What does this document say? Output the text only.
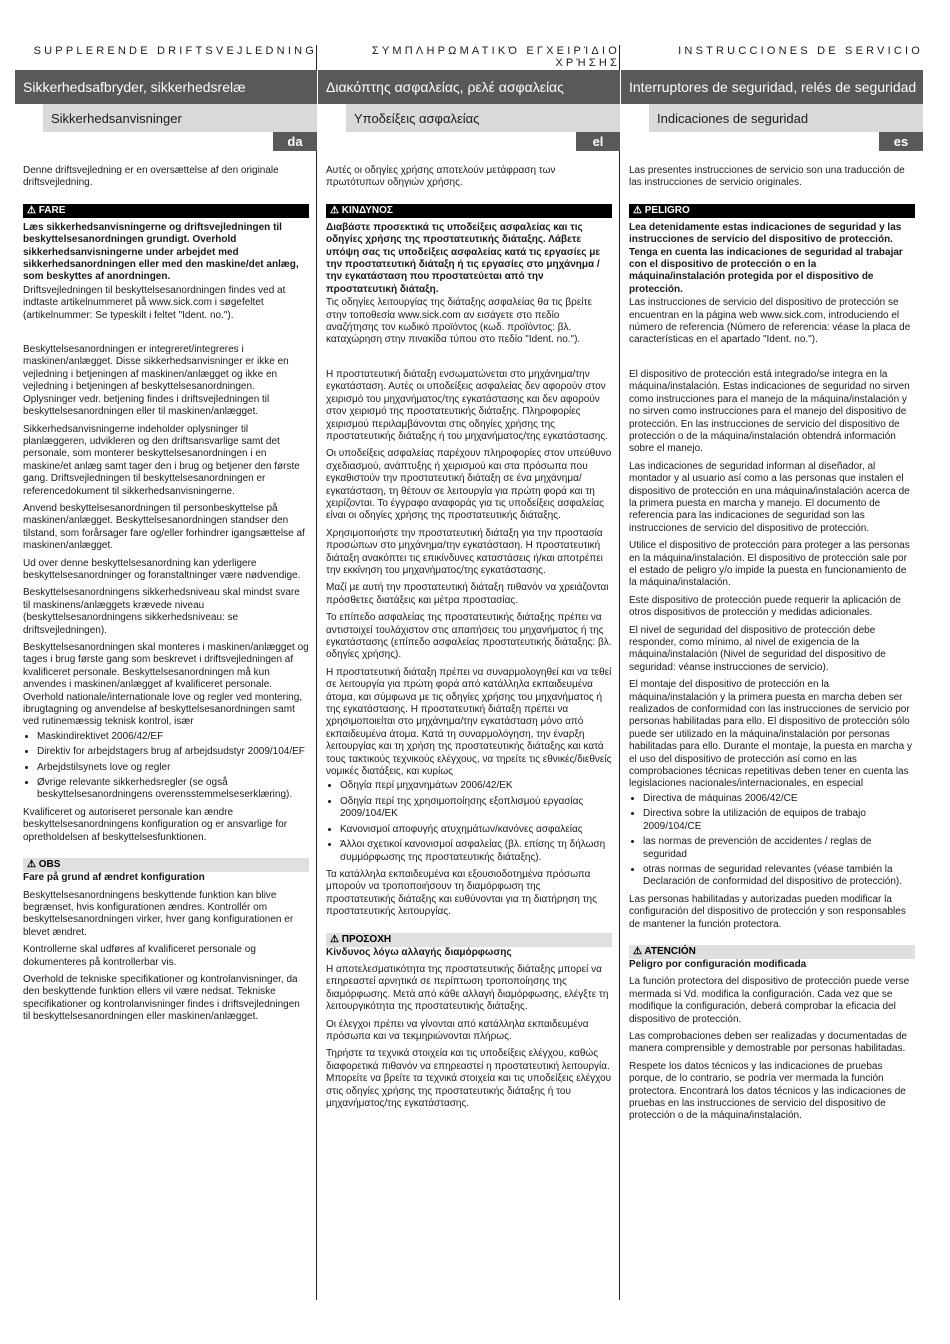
SUPPLERENDE DRIFTSVEJLEDNING
Sikkerhedsafbryder, sikkerhedsrelæ
Sikkerhedsanvisninger
da

Denne driftsvejledning er en oversættelse af den originale driftsvejledning.

⚠ FARE

Læs sikkerhedsanvisningerne og driftsvejledningen til beskyttelsesanordningen grundigt. Overhold sikkerhedsanvisningerne under arbejdet med sikkerhedsanordningen eller med den maskine/det anlæg, som beskyttes af anordningen.

Driftsvejledningen til beskyttelsesanordningen findes ved at indtaste artikelnummeret på www.sick.com i søgefeltet (artikelnummer: Se typeskilt i feltet "Ident. no.").

Beskyttelsesanordningen er integreret/integreres i maskinen/anlægget. Disse sikkerhedsanvisninger er ikke en vejledning i betjeningen af maskinen/anlægget og ikke en vejledning i betjeningen af beskyttelsesanordningen. Oplysninger vedr. betjening findes i driftsvejledningen til beskyttelsesanordningen eller til maskinen/anlægget.

Sikkerhedsanvisningerne indeholder oplysninger til planlæggeren, udvikleren og den driftsansvarlige samt det personale, som monterer beskyttelsesanordningen i en maskine/et anlæg samt tager den i brug og betjener den første gang. Driftsvejledningen til beskyttelsesanordningen er referencedokument til sikkerhedsanvisningerne.

Anvend beskyttelsesanordningen til personbeskyttelse på maskinen/anlægget. Beskyttelsesanordningen standser den tilstand, som forårsager fare og/eller forhindrer igangsættelse af maskinen/anlægget.

Ud over denne beskyttelsesanordning kan yderligere beskyttelsesanordninger og foranstaltninger være nødvendige.

Beskyttelsesanordningens sikkerhedsniveau skal mindst svare til maskinens/anlæggets krævede niveau (beskyttelsesanordningens sikkerhedsniveau: se driftsvejledningen).

Beskyttelsesanordningen skal monteres i maskinen/anlægget og tages i brug første gang som beskrevet i driftsvejledningen af kvalificeret personale. Beskyttelsesanordningen må kun anvendes i maskinen/anlægget af kvalificeret personale. Overhold nationale/internationale love og regler ved montering, ibrugtagning og anvendelse af beskyttelsesanordningen samt ved rutinemæssig teknisk kontrol, især

• Maskindirektivet 2006/42/EF
• Direktiv for arbejdstagers brug af arbejdsudstyr 2009/104/EF
• Arbejdstilsynets love og regler
• Øvrige relevante sikkerhedsregler (se også beskyttelsesanordningens overensstemmelseserklæring).

Kvalificeret og autoriseret personale kan ændre beskyttelsesanordningens konfiguration og er ansvarlige for opretholdelsen af beskyttelsesfunktionen.

⚠ OBS

Fare på grund af ændret konfiguration

Beskyttelsesanordningens beskyttende funktion kan blive begrænset, hvis konfigurationen ændres. Kontrollér om beskyttelsesanordningen virker, hver gang konfigurationen er blevet ændret.

Kontrollerne skal udføres af kvalificeret personale og dokumenteres på kontrollerbar vis.

Overhold de tekniske specifikationer og kontrolanvisninger, da den beskyttende funktion ellers vil være nedsat. Tekniske specifikationer og kontrolanvisninger findes i driftsvejledningen til beskyttelsesanordningen eller maskinen/anlægget.

ΣΥΜΠΛΗΡΩΜΑΤΙΚΌ ΕΓΧΕΙΡΊΔΙΟ ΧΡΉΣΗΣ
Διακόπτης ασφαλείας, ρελέ ασφαλείας
Υποδείξεις ασφαλείας
el

Αυτές οι οδηγίες χρήσης αποτελούν μετάφραση των πρωτότυπων οδηγιών χρήσης.

⚠ ΚΙΝΔΥΝΟΣ

Διαβάστε προσεκτικά τις υποδείξεις ασφαλείας και τις οδηγίες χρήσης της προστατευτικής διάταξης. Λάβετε υπόψη σας τις υποδείξεις ασφαλείας κατά τις εργασίες με την προστατευτική διάταξη ή τις εργασίες στο μηχάνημα / την εγκατάσταση που προστατεύεται από την προστατευτική διάταξη.

Τις οδηγίες λειτουργίας της διάταξης ασφαλείας θα τις βρείτε στην τοποθεσία www.sick.com αν εισάγετε στο πεδίο αναζήτησης τον κωδικό προϊόντος (κωδ. προϊόντος: βλ. καταχώρηση στην πινακίδα τύπου στο πεδίο "Ident. no.").

Η προστατευτική διάταξη ενσωματώνεται στο μηχάνημα/την εγκατάσταση. Αυτές οι υποδείξεις ασφαλείας δεν αφορούν στον χειρισμό του μηχανήματος/της εγκατάστασης και δεν αφορούν στον χειρισμό της προστατευτικής διάταξης. Πληροφορίες χειρισμού περιλαμβάνονται στις οδηγίες χρήσης της προστατευτικής διάταξης ή του μηχανήματος/της εγκατάστασης.

Οι υποδείξεις ασφαλείας παρέχουν πληροφορίες στον υπεύθυνο σχεδιασμού, ανάπτυξης ή χειρισμού και στα πρόσωπα που εγκαθιστούν την προστατευτική διάταξη σε ένα μηχάνημα/εγκατάσταση, τη θέτουν σε λειτουργία για πρώτη φορά και τη χειρίζονται. Το έγγραφο αναφοράς για τις υποδείξεις ασφαλείας είναι οι οδηγίες χρήσης της προστατευτικής διάταξης.

Χρησιμοποιήστε την προστατευτική διάταξη για την προστασία προσώπων στο μηχάνημα/την εγκατάσταση. Η προστατευτική διάταξη ανακόπτει τις επικίνδυνες καταστάσεις ή/και αποτρέπει την εκκίνηση του μηχανήματος/της εγκατάστασης.

Μαζί με αυτή την προστατευτική διάταξη πιθανόν να χρειάζονται πρόσθετες διατάξεις και μέτρα προστασίας.

Το επίπεδο ασφαλείας της προστατευτικής διάταξης πρέπει να αντιστοιχεί τουλάχιστον στις απαιτήσεις του μηχανήματος ή της εγκατάστασης (επίπεδο ασφαλείας προστατευτικής διάταξης: βλ. οδηγίες χρήσης).

Η προστατευτική διάταξη πρέπει να συναρμολογηθεί και να τεθεί σε λειτουργία για πρώτη φορά από κατάλληλα εκπαιδευμένα άτομα, και σύμφωνα με τις οδηγίες χρήσης του μηχανήματος ή της εγκατάστασης. Η προστατευτική διάταξη πρέπει να χρησιμοποιείται στο μηχάνημα/την εγκατάσταση μόνο από εκπαιδευμένα άτομα. Κατά τη συναρμολόγηση, την έναρξη λειτουργίας και τη χρήση της προστατευτικής διάταξης και κατά τους τακτικούς τεχνικούς ελέγχους, να τηρείτε τις εθνικές/διεθνείς νομικές διατάξεις, και κυρίως

• Οδηγία περί μηχανημάτων 2006/42/ΕΚ
• Οδηγία περί της χρησιμοποίησης εξοπλισμού εργασίας 2009/104/ΕΚ
• Κανονισμοί αποφυγής ατυχημάτων/κανόνες ασφαλείας
• Άλλοι σχετικοί κανονισμοί ασφαλείας (βλ. επίσης τη δήλωση συμμόρφωσης της προστατευτικής διάταξης).

Τα κατάλληλα εκπαιδευμένα και εξουσιοδοτημένα πρόσωπα μπορούν να τροποποιήσουν τη διαμόρφωση της προστατευτικής διάταξης και ευθύνονται για τη διατήρηση της προστατευτικής λειτουργίας.

⚠ ΠΡΟΣΟΧΗ

Κίνδυνος λόγω αλλαγής διαμόρφωσης

Η αποτελεσματικότητα της προστατευτικής διάταξης μπορεί να επηρεαστεί αρνητικά σε περίπτωση τροποποίησης της διαμόρφωσης. Μετά από κάθε αλλαγή διαμόρφωσης, ελέγξτε τη λειτουργικότητα της προστατευτικής διάταξης.

Οι έλεγχοι πρέπει να γίνονται από κατάλληλα εκπαιδευμένα πρόσωπα και να τεκμηριώνονται πλήρως.

Τηρήστε τα τεχνικά στοιχεία και τις υποδείξεις ελέγχου, καθώς διαφορετικά πιθανόν να επηρεαστεί η προστατευτική λειτουργία. Μπορείτε να βρείτε τα τεχνικά στοιχεία και τις υποδείξεις ελέγχου στις οδηγίες χρήσης της προστατευτικής διάταξης ή του μηχανήματος/της εγκατάστασης.

INSTRUCCIONES DE SERVICIO
Interruptores de seguridad, relés de seguridad
Indicaciones de seguridad
es

Las presentes instrucciones de servicio son una traducción de las instrucciones de servicio originales.

⚠ PELIGRO

Lea detenidamente estas indicaciones de seguridad y las instrucciones de servicio del dispositivo de protección. Tenga en cuenta las indicaciones de seguridad al trabajar con el dispositivo de protección o en la máquina/instalación protegida por el dispositivo de protección.

Las instrucciones de servicio del dispositivo de protección se encuentran en la página web www.sick.com, introduciendo el número de referencia (Número de referencia: véase la placa de características en el apartado "Ident. no.").

El dispositivo de protección está integrado/se integra en la máquina/instalación. Estas indicaciones de seguridad no sirven como instrucciones para el manejo de la máquina/instalación y no sirven como instrucciones para el manejo del dispositivo de protección. En las instrucciones de servicio del dispositivo de protección o de la máquina/instalación obtendrá información sobre el manejo.

Las indicaciones de seguridad informan al diseñador, al montador y al usuario así como a las personas que instalen el dispositivo de protección en una máquina/instalación acerca de la primera puesta en marcha y manejo. El documento de referencia para las indicaciones de seguridad son las instrucciones de servicio del dispositivo de protección.

Utilice el dispositivo de protección para proteger a las personas en la máquina/instalación. El dispositivo de protección sale por el estado de peligro y/o impide la puesta en funcionamiento de la máquina/instalación.

Este dispositivo de protección puede requerir la aplicación de otros dispositivos de protección y medidas adicionales.

El nivel de seguridad del dispositivo de protección debe responder, como mínimo, al nivel de exigencia de la máquina/instalación (Nivel de seguridad del dispositivo de seguridad: véanse instrucciones de servicio).

El montaje del dispositivo de protección en la máquina/instalación y la primera puesta en marcha deben ser realizados de conformidad con las instrucciones de servicio por personas habilitadas para ello. El dispositivo de protección sólo puede ser utilizado en la máquina/instalación por personas habilitadas para ello. Durante el montaje, la puesta en marcha y el uso del dispositivo de protección así como en las comprobaciones técnicas repetitivas deben tener en cuenta las legislaciones nacionales/internacionales, en especial

• Directiva de máquinas 2006/42/CE
• Directiva sobre la utilización de equipos de trabajo 2009/104/CE
• las normas de prevención de accidentes / reglas de seguridad
• otras normas de seguridad relevantes (véase también la Declaración de conformidad del dispositivo de protección).

Las personas habilitadas y autorizadas pueden modificar la configuración del dispositivo de protección y son responsables de mantener la función protectora.

⚠ ATENCIÓN

Peligro por configuración modificada

La función protectora del dispositivo de protección puede verse mermada si Vd. modifica la configuración. Cada vez que se modifique la configuración, deberá comprobar la eficacia del dispositivo de protección.

Las comprobaciones deben ser realizadas y documentadas de manera comprensible y demostrable por personas habilitadas.

Respete los datos técnicos y las indicaciones de pruebas porque, de lo contrario, se podría ver mermada la función protectora. Encontrará los datos técnicos y las indicaciones de pruebas en las instrucciones de servicio del dispositivo de protección o de la máquina/instalación.
